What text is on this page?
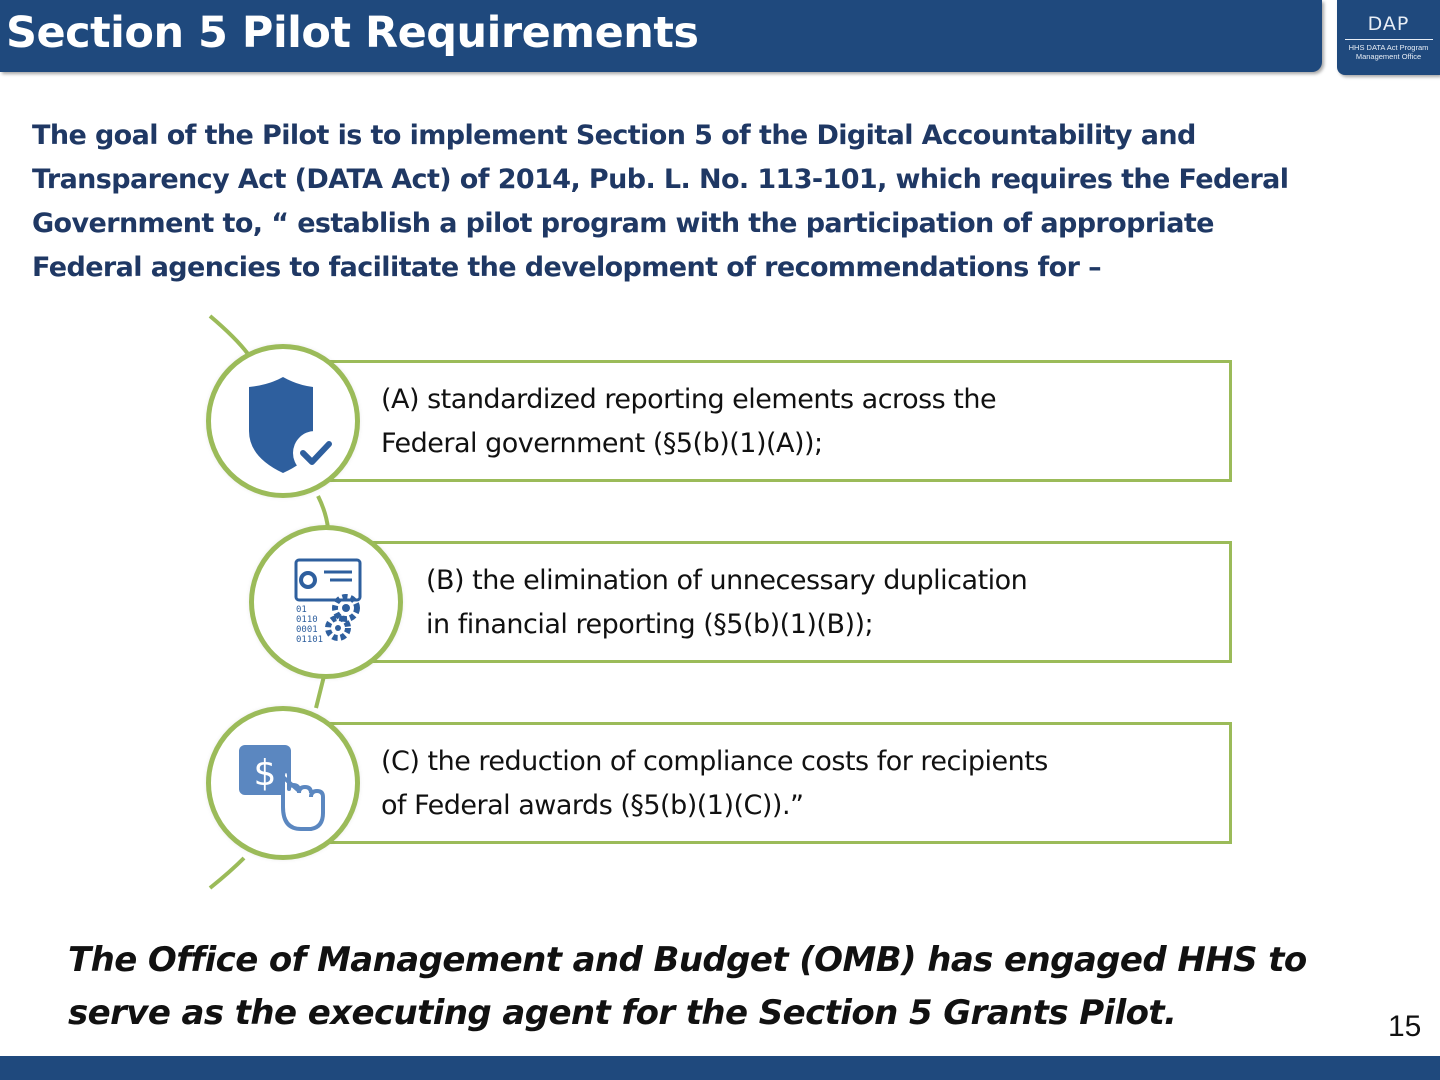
Section 5 Pilot Requirements	DAP
HHS DATA Act Program Management Office
The goal of the Pilot is to implement Section 5 of the Digital Accountability and
Transparency Act (DATA Act) of 2014, Pub. L. No. 113-101, which requires the Federal
Government to, “ establish a pilot program with the participation of appropriate
Federal agencies to facilitate the development of recommendations for –
(A) standardized reporting elements across the
Federal government (§5(b)(1)(A));
(B) the elimination of unnecessary duplication
in financial reporting (§5(b)(1)(B));
01
0110
0001
01101
(C) the reduction of compliance costs for recipients
of Federal awards (§5(b)(1)(C)).”
$
The Office of Management and Budget (OMB) has engaged HHS to
serve as the executing agent for the Section 5 Grants Pilot.	15
